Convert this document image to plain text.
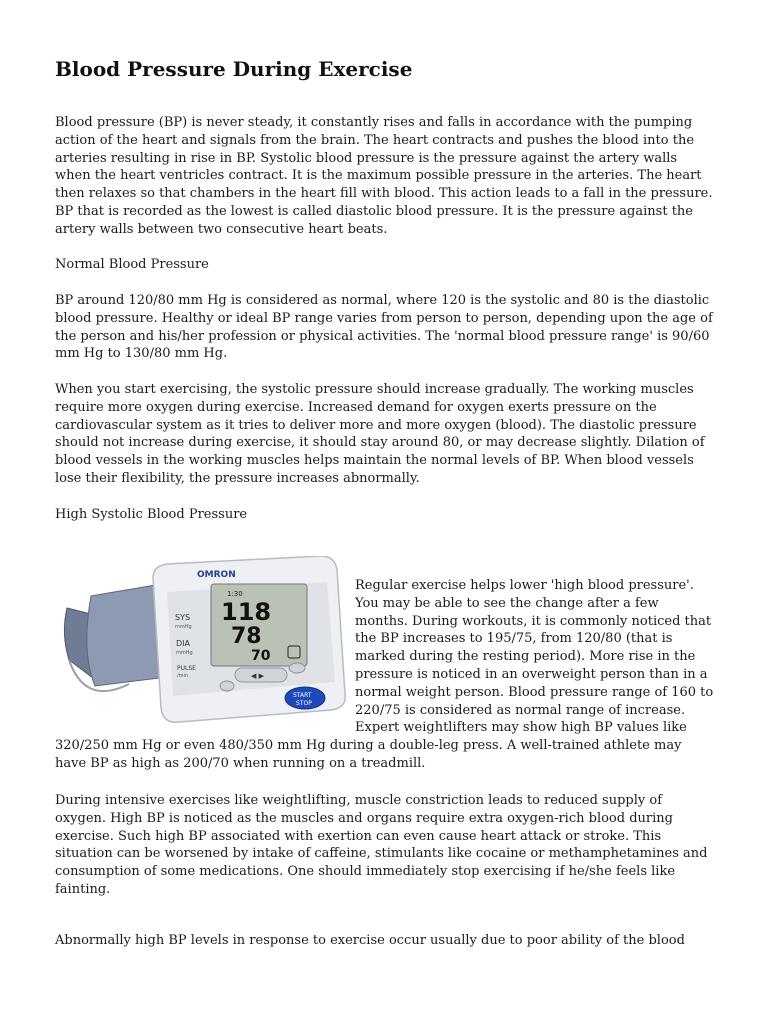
Blood Pressure During Exercise

Blood pressure (BP) is never steady, it constantly rises and falls in accordance with the pumping action of the heart and signals from the brain. The heart contracts and pushes the blood into the arteries resulting in rise in BP. Systolic blood pressure is the pressure against the artery walls when the heart ventricles contract. It is the maximum possible pressure in the arteries. The heart then relaxes so that chambers in the heart fill with blood. This action leads to a fall in the pressure. BP that is recorded as the lowest is called diastolic blood pressure. It is the pressure against the artery walls between two consecutive heart beats.

Normal Blood Pressure

BP around 120/80 mm Hg is considered as normal, where 120 is the systolic and 80 is the diastolic blood pressure. Healthy or ideal BP range varies from person to person, depending upon the age of the person and his/her profession or physical activities. The 'normal blood pressure range' is 90/60 mm Hg to 130/80 mm Hg.

When you start exercising, the systolic pressure should increase gradually. The working muscles require more oxygen during exercise. Increased demand for oxygen exerts pressure on the cardiovascular system as it tries to deliver more and more oxygen (blood). The diastolic pressure should not increase during exercise, it should stay around 80, or may decrease slightly. Dilation of blood vessels in the working muscles helps maintain the normal levels of BP. When blood vessels lose their flexibility, the pressure increases abnormally.

High Systolic Blood Pressure

OMRON
SYS
mmHg
DIA
mmHg
PULSE
/min
1:30
118
78
70
◀ ▶
START
STOP
Regular exercise helps lower 'high blood pressure'. You may be able to see the change after a few months. During workouts, it is commonly noticed that the BP increases to 195/75, from 120/80 (that is marked during the resting period). More rise in the pressure is noticed in an overweight person than in a normal weight person. Blood pressure range of 160 to 220/75 is considered as normal range of increase. Expert weightlifters may show high BP values like 320/250 mm Hg or even 480/350 mm Hg during a double-leg press. A well-trained athlete may have BP as high as 200/70 when running on a treadmill.

During intensive exercises like weightlifting, muscle constriction leads to reduced supply of oxygen. High BP is noticed as the muscles and organs require extra oxygen-rich blood during exercise. Such high BP associated with exertion can even cause heart attack or stroke. This situation can be worsened by intake of caffeine, stimulants like cocaine or methamphetamines and consumption of some medications. One should immediately stop exercising if he/she feels like fainting.

Abnormally high BP levels in response to exercise occur usually due to poor ability of the blood
